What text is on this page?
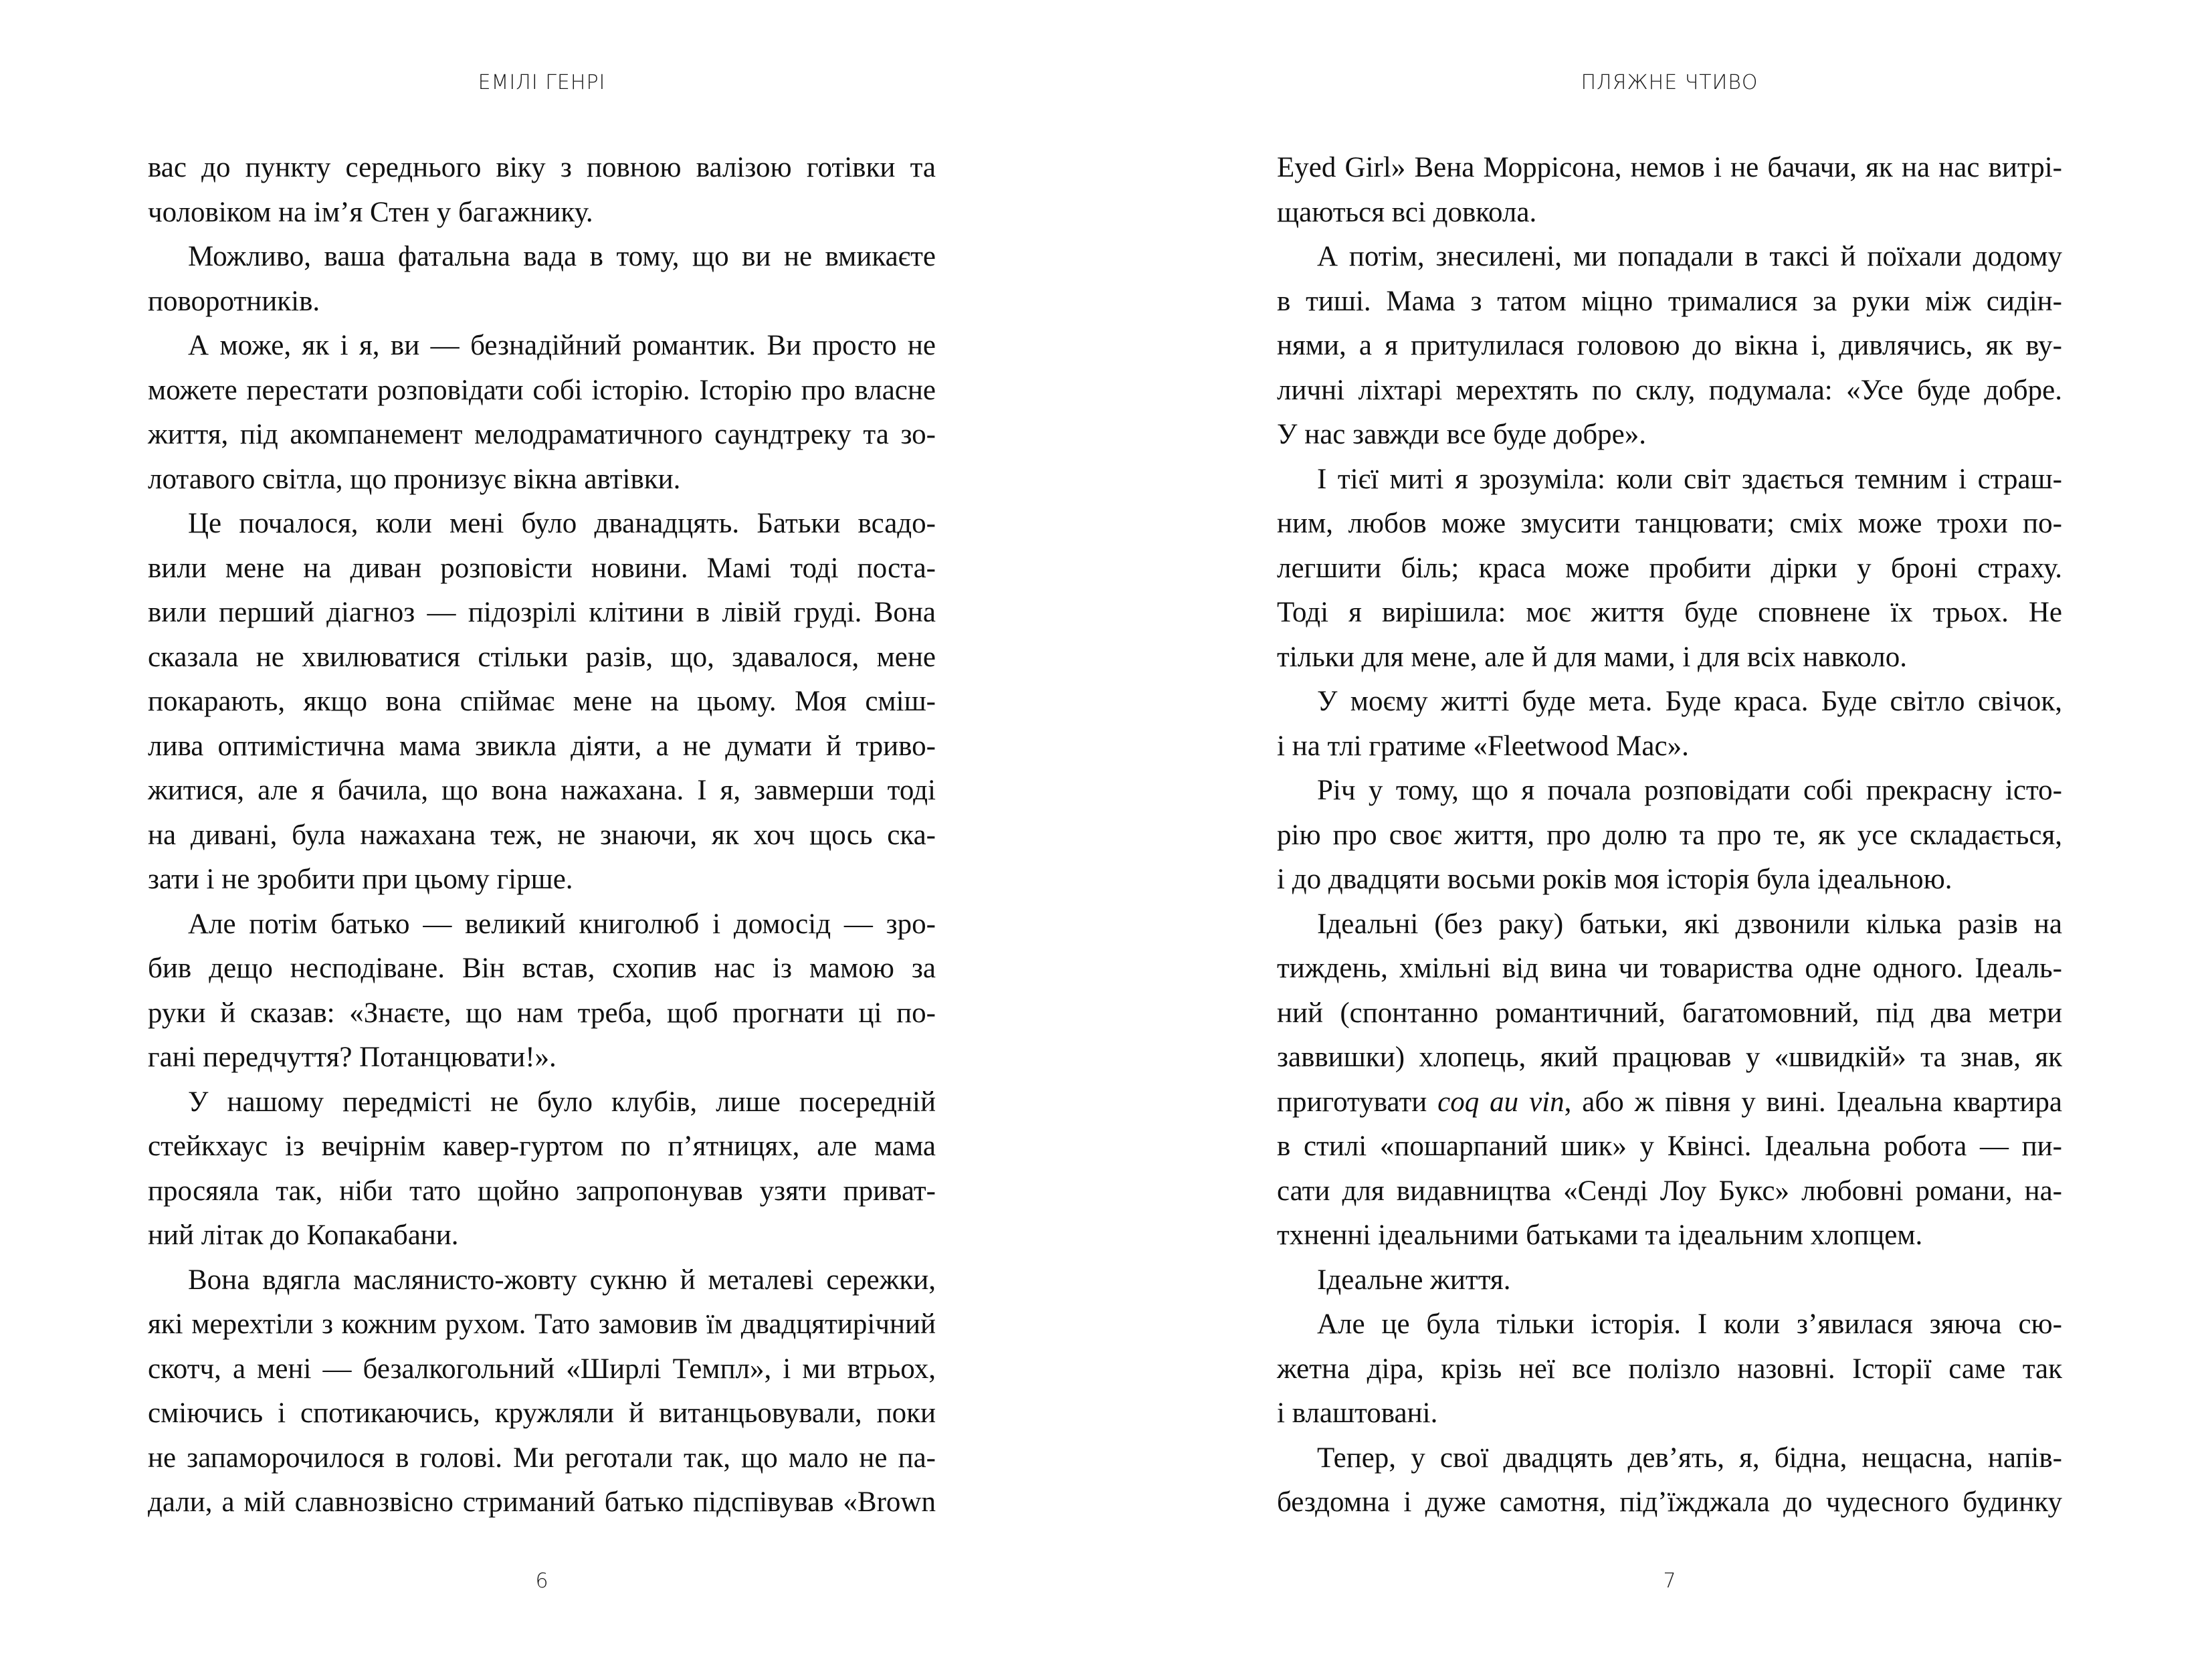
ЕМІЛІ ГЕНРІ
вас до пункту середнього віку з повною валізою готівки та
чоловіком на ім’я Стен у багажнику.
Можливо, ваша фатальна вада в тому, що ви не вмикаєте
поворотників.
А може, як і я, ви — безнадійний романтик. Ви просто не
можете перестати розповідати собі історію. Історію про власне
життя, під акомпанемент мелодраматичного саундтреку та зо-
лотавого світла, що пронизує вікна автівки.
Це почалося, коли мені було дванадцять. Батьки всадо-
вили мене на диван розповісти новини. Мамі тоді поста-
вили перший діагноз — підозрілі клітини в лівій груді. Вона
сказала не хвилюватися стільки разів, що, здавалося, мене
покарають, якщо вона спіймає мене на цьому. Моя сміш-
лива оптимістична мама звикла діяти, а не думати й триво-
житися, але я бачила, що вона нажахана. І я, завмерши тоді
на дивані, була нажахана теж, не знаючи, як хоч щось ска-
зати і не зробити при цьому гірше.
Але потім батько — великий книголюб і домосід — зро-
бив дещо несподіване. Він встав, схопив нас із мамою за
руки й сказав: «Знаєте, що нам треба, щоб прогнати ці по-
гані передчуття? Потанцювати!».
У нашому передмісті не було клубів, лише посередній
стейкхаус із вечірнім кавер-гуртом по п’ятницях, але мама
просяяла так, ніби тато щойно запропонував узяти приват-
ний літак до Копакабани.
Вона вдягла маслянисто-жовту сукню й металеві сережки,
які мерехтіли з кожним рухом. Тато замовив їм двадцятирічний
скотч, а мені — безалкогольний «Ширлі Темпл», і ми втрьох,
сміючись і спотикаючись, кружляли й витанцьовували, поки
не запаморочилося в голові. Ми реготали так, що мало не па-
дали, а мій славнозвісно стриманий батько підспівував «Brown
6
ПЛЯЖНЕ ЧТИВО
Eyed Girl» Вена Моррісона, немов і не бачачи, як на нас витрі-
щаються всі довкола.
А потім, знесилені, ми попадали в таксі й поїхали додому
в тиші. Мама з татом міцно трималися за руки між сидін-
нями, а я притулилася головою до вікна і, дивлячись, як ву-
личні ліхтарі мерехтять по склу, подумала: «Усе буде добре.
У нас завжди все буде добре».
І тієї миті я зрозуміла: коли світ здається темним і страш-
ним, любов може змусити танцювати; сміх може трохи по-
легшити біль; краса може пробити дірки у броні страху.
Тоді я вирішила: моє життя буде сповнене їх трьох. Не
тільки для мене, але й для мами, і для всіх навколо.
У моєму житті буде мета. Буде краса. Буде світло свічок,
і на тлі гратиме «Fleetwood Mac».
Річ у тому, що я почала розповідати собі прекрасну істо-
рію про своє життя, про долю та про те, як усе складається,
і до двадцяти восьми років моя історія була ідеальною.
Ідеальні (без раку) батьки, які дзвонили кілька разів на
тиждень, хмільні від вина чи товариства одне одного. Ідеаль-
ний (спонтанно романтичний, багатомовний, під два метри
заввишки) хлопець, який працював у «швидкій» та знав, як
приготувати coq au vin, або ж півня у вині. Ідеальна квартира
в стилі «пошарпаний шик» у Квінсі. Ідеальна робота — пи-
сати для видавництва «Сенді Лоу Букс» любовні романи, на-
тхненні ідеальними батьками та ідеальним хлопцем.
Ідеальне життя.
Але це була тільки історія. І коли з’явилася зяюча сю-
жетна діра, крізь неї все полізло назовні. Історії саме так
і влаштовані.
Тепер, у свої двадцять дев’ять, я, бідна, нещасна, напів-
бездомна і дуже самотня, під’їжджала до чудесного будинку
7
